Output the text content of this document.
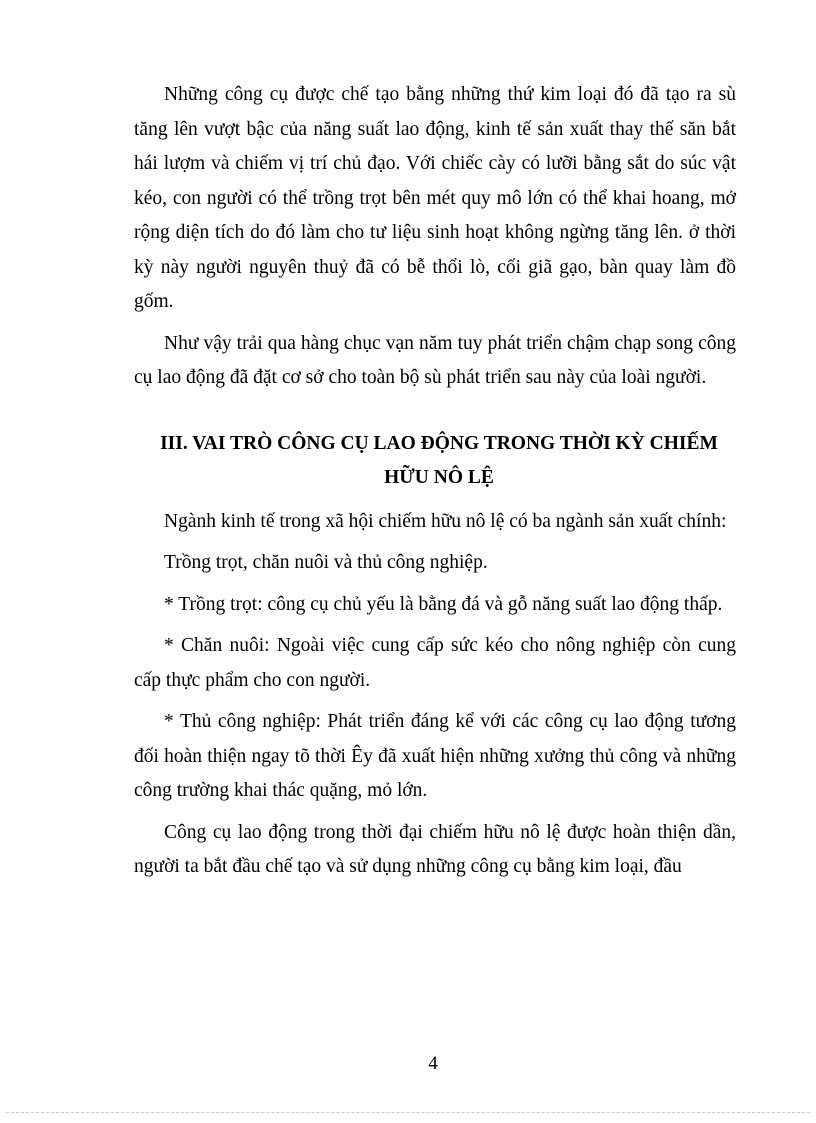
Những công cụ được chế tạo bằng những thứ kim loại đó đã tạo ra sù tăng lên vượt bậc của năng suất lao động, kinh tế sản xuất thay thế săn bắt hái lượm và chiếm vị trí chủ đạo. Với chiếc cày có lưỡi bằng sắt do súc vật kéo, con người có thể trồng trọt bên mét quy mô lớn có thể khai hoang, mở rộng diện tích do đó làm cho tư liệu sinh hoạt không ngừng tăng lên. ở thời kỳ này người nguyên thuỷ đã có bễ thổi lò, cối giã gạo, bàn quay làm đồ gốm.

Như vậy trải qua hàng chục vạn năm tuy phát triển chậm chạp song công cụ lao động đã đặt cơ sở cho toàn bộ sù phát triển sau này của loài người.

III. VAI TRÒ CÔNG CỤ LAO ĐỘNG TRONG THỜI KỲ CHIẾM
HỮU NÔ LỆ

Ngành kinh tế trong xã hội chiếm hữu nô lệ có ba ngành sản xuất chính:

Trồng trọt, chăn nuôi và thủ công nghiệp.

* Trồng trọt: công cụ chủ yếu là bằng đá và gỗ năng suất lao động thấp.

* Chăn nuôi: Ngoài việc cung cấp sức kéo cho nông nghiệp còn cung cấp thực phẩm cho con người.

* Thủ công nghiệp: Phát triển đáng kể với các công cụ lao động tương đối hoàn thiện ngay tõ thời Êy đã xuất hiện những xưởng thủ công và những công trường khai thác quặng, mỏ lớn.

Công cụ lao động trong thời đại chiếm hữu nô lệ được hoàn thiện dần, người ta bắt đầu chế tạo và sử dụng những công cụ bằng kim loại, đầu

4
